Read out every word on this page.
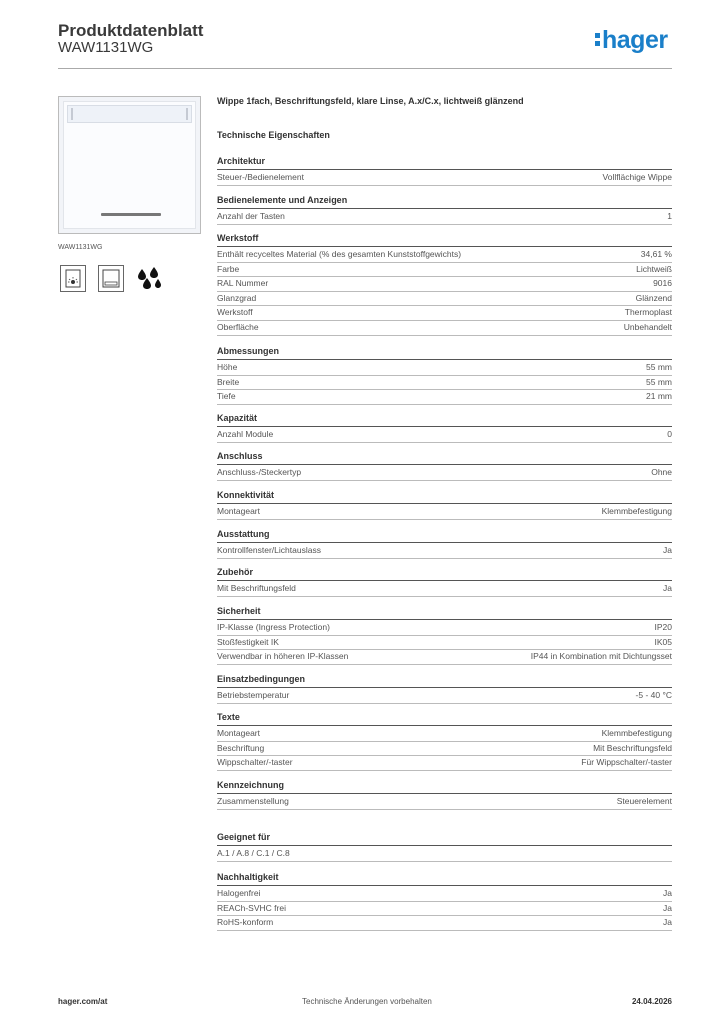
Produktdatenblatt
WAW1131WG	hager
WAW1131WG
Wippe 1fach, Beschriftungsfeld, klare Linse, A.x/C.x, lichtweiß glänzend
Technische Eigenschaften
Architektur
Steuer-/Bedienelement	Vollflächige Wippe
Bedienelemente und Anzeigen
Anzahl der Tasten	1
Werkstoff
Enthält recyceltes Material (% des gesamten Kunststoffgewichts)	34,61 %
Farbe	Lichtweiß
RAL Nummer	9016
Glanzgrad	Glänzend
Werkstoff	Thermoplast
Oberfläche	Unbehandelt
Abmessungen
Höhe	55 mm
Breite	55 mm
Tiefe	21 mm
Kapazität
Anzahl Module	0
Anschluss
Anschluss-/Steckertyp	Ohne
Konnektivität
Montageart	Klemmbefestigung
Ausstattung
Kontrollfenster/Lichtauslass	Ja
Zubehör
Mit Beschriftungsfeld	Ja
Sicherheit
IP-Klasse (Ingress Protection)	IP20
Stoßfestigkeit IK	IK05
Verwendbar in höheren IP-Klassen	IP44 in Kombination mit Dichtungsset
Einsatzbedingungen
Betriebstemperatur	-5 - 40 °C
Texte
Montageart	Klemmbefestigung
Beschriftung	Mit Beschriftungsfeld
Wippschalter/-taster	Für Wippschalter/-taster
Kennzeichnung
Zusammenstellung	Steuerelement
Geeignet für
A.1 / A.8 / C.1 / C.8
Nachhaltigkeit
Halogenfrei	Ja
REACh-SVHC frei	Ja
RoHS-konform	Ja
hager.com/at	Technische Änderungen vorbehalten	24.04.2026
